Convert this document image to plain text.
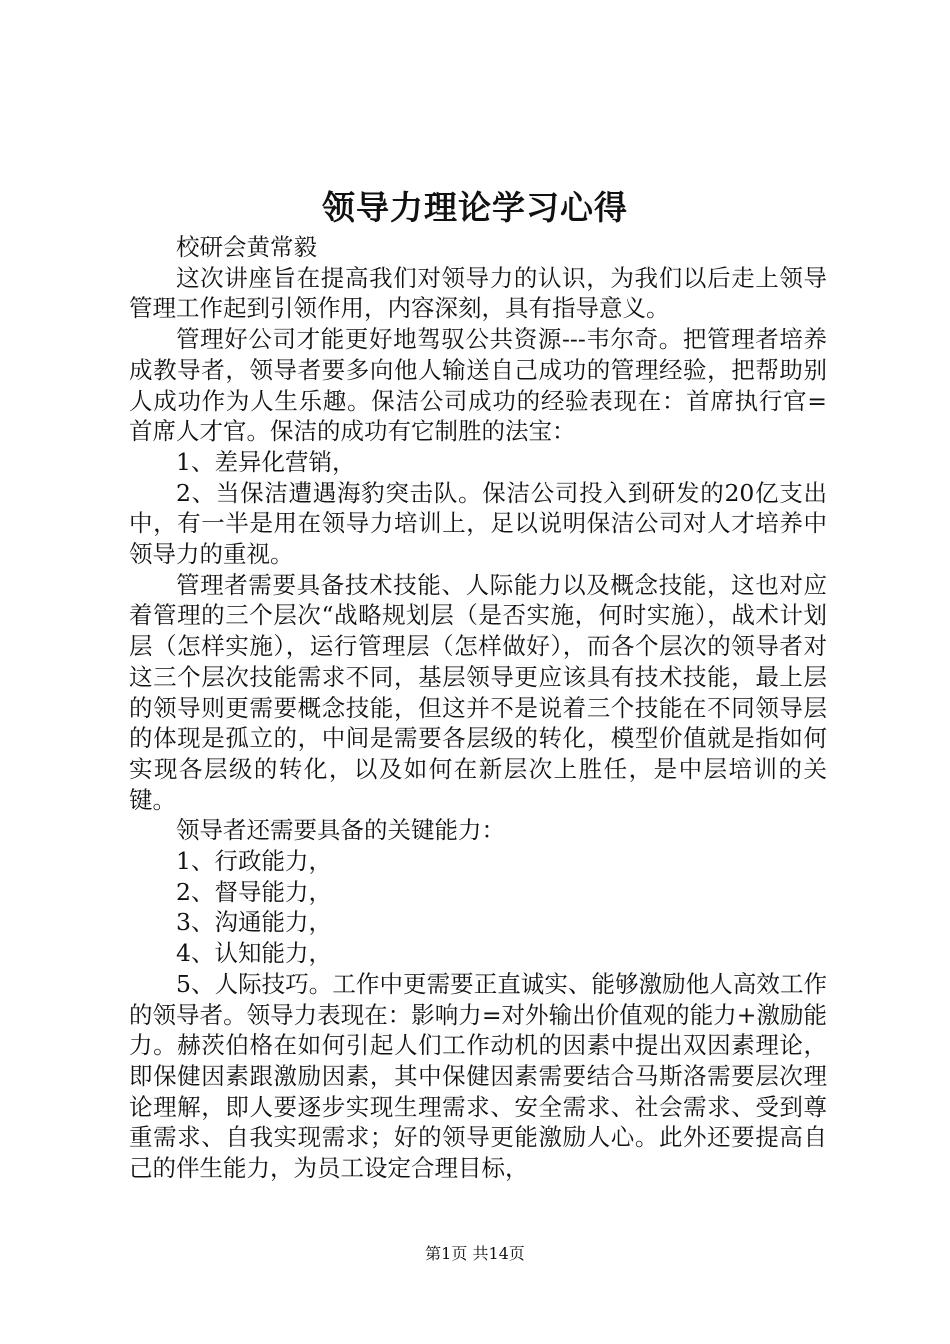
领导力理论学习心得

校研会黄常毅

这次讲座旨在提高我们对领导力的认识，为我们以后走上领导管理工作起到引领作用，内容深刻，具有指导意义。

管理好公司才能更好地驾驭公共资源---韦尔奇。把管理者培养成教导者，领导者要多向他人输送自己成功的管理经验，把帮助别人成功作为人生乐趣。保洁公司成功的经验表现在：首席执行官=首席人才官。保洁的成功有它制胜的法宝：

1、差异化营销，

2、当保洁遭遇海豹突击队。保洁公司投入到研发的20亿支出中，有一半是用在领导力培训上，足以说明保洁公司对人才培养中领导力的重视。

管理者需要具备技术技能、人际能力以及概念技能，这也对应着管理的三个层次“战略规划层（是否实施，何时实施），战术计划层（怎样实施），运行管理层（怎样做好），而各个层次的领导者对这三个层次技能需求不同，基层领导更应该具有技术技能，最上层的领导则更需要概念技能，但这并不是说着三个技能在不同领导层的体现是孤立的，中间是需要各层级的转化，模型价值就是指如何实现各层级的转化，以及如何在新层次上胜任，是中层培训的关键。

领导者还需要具备的关键能力：

1、行政能力，

2、督导能力，

3、沟通能力，

4、认知能力，

5、人际技巧。工作中更需要正直诚实、能够激励他人高效工作的领导者。领导力表现在：影响力=对外输出价值观的能力+激励能力。赫茨伯格在如何引起人们工作动机的因素中提出双因素理论，即保健因素跟激励因素，其中保健因素需要结合马斯洛需要层次理论理解，即人要逐步实现生理需求、安全需求、社会需求、受到尊重需求、自我实现需求；好的领导更能激励人心。此外还要提高自己的伴生能力，为员工设定合理目标，

第1页 共14页
